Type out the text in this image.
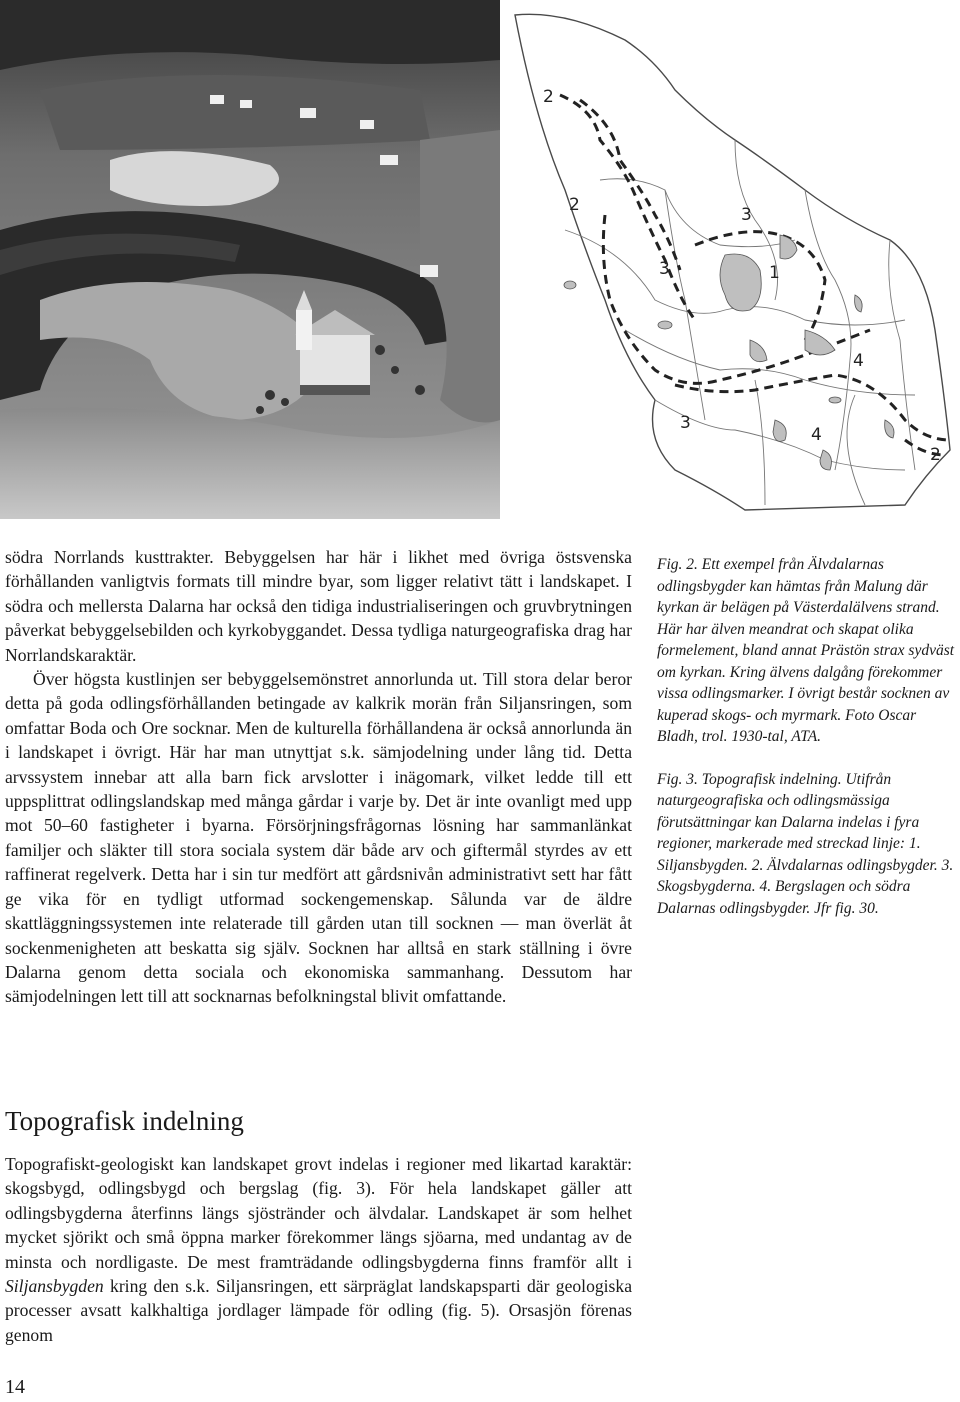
2
2	3
3	1
4
3
4
2

södra Norrlands kusttrakter. Bebyggelsen har här i likhet med övriga östsvenska förhållanden vanligtvis formats till mindre byar, som ligger relativt tätt i landskapet. I södra och mellersta Dalarna har också den tidiga industrialiseringen och gruvbrytningen påverkat bebyggelsebilden och kyrkobyggandet. Dessa tydliga naturgeografiska drag har Norrlandskaraktär.

Över högsta kustlinjen ser bebyggelsemönstret annorlunda ut. Till stora delar beror detta på goda odlingsförhållanden betingade av kalkrik morän från Siljansringen, som omfattar Boda och Ore socknar. Men de kulturella förhållandena är också annorlunda än i landskapet i övrigt. Här har man utnyttjat s.k. sämjodelning under lång tid. Detta arvssystem innebar att alla barn fick arvslotter i inägomark, vilket ledde till ett uppsplittrat odlingslandskap med många gårdar i varje by. Det är inte ovanligt med upp mot 50–60 fastigheter i byarna. Försörjningsfrågornas lösning har sammanlänkat familjer och släkter till stora sociala system där både arv och giftermål styrdes av ett raffinerat regelverk. Detta har i sin tur medfört att gårdsnivån administrativt sett har fått ge vika för en tydligt utformad sockengemenskap. Sålunda var de äldre skattläggningssystemen inte relaterade till gården utan till socknen — man överlät åt sockenmenigheten att beskatta sig själv. Socknen har alltså en stark ställning i övre Dalarna genom detta sociala och ekonomiska sammanhang. Dessutom har sämjodelningen lett till att socknarnas befolkningstal blivit omfattande.

Topografisk indelning

Topografiskt-geologiskt kan landskapet grovt indelas i regioner med likartad karaktär: skogsbygd, odlingsbygd och bergslag (fig. 3). För hela landskapet gäller att odlingsbygderna återfinns längs sjöstränder och älvdalar. Landskapet är som helhet mycket sjörikt och små öppna marker förekommer längs sjöarna, med undantag av de minsta och nordligaste. De mest framträdande odlingsbygderna finns framför allt i Siljansbygden kring den s.k. Siljansringen, ett särpräglat landskapsparti där geologiska processer avsatt kalkhaltiga jordlager lämpade för odling (fig. 5). Orsasjön förenas genom

Fig. 2. Ett exempel från Älvdalarnas odlingsbygder kan hämtas från Malung där kyrkan är belägen på Västerdalälvens strand. Här har älven meandrat och skapat olika formelement, bland annat Prästön strax sydväst om kyrkan. Kring älvens dalgång förekommer vissa odlingsmarker. I övrigt består socknen av kuperad skogs- och myrmark. Foto Oscar Bladh, trol. 1930-tal, ATA.

Fig. 3. Topografisk indelning. Utifrån naturgeografiska och odlingsmässiga förutsättningar kan Dalarna indelas i fyra regioner, markerade med streckad linje: 1. Siljansbygden. 2. Älvdalarnas odlingsbygder. 3. Skogsbygderna. 4. Bergslagen och södra Dalarnas odlingsbygder. Jfr fig. 30.

14
